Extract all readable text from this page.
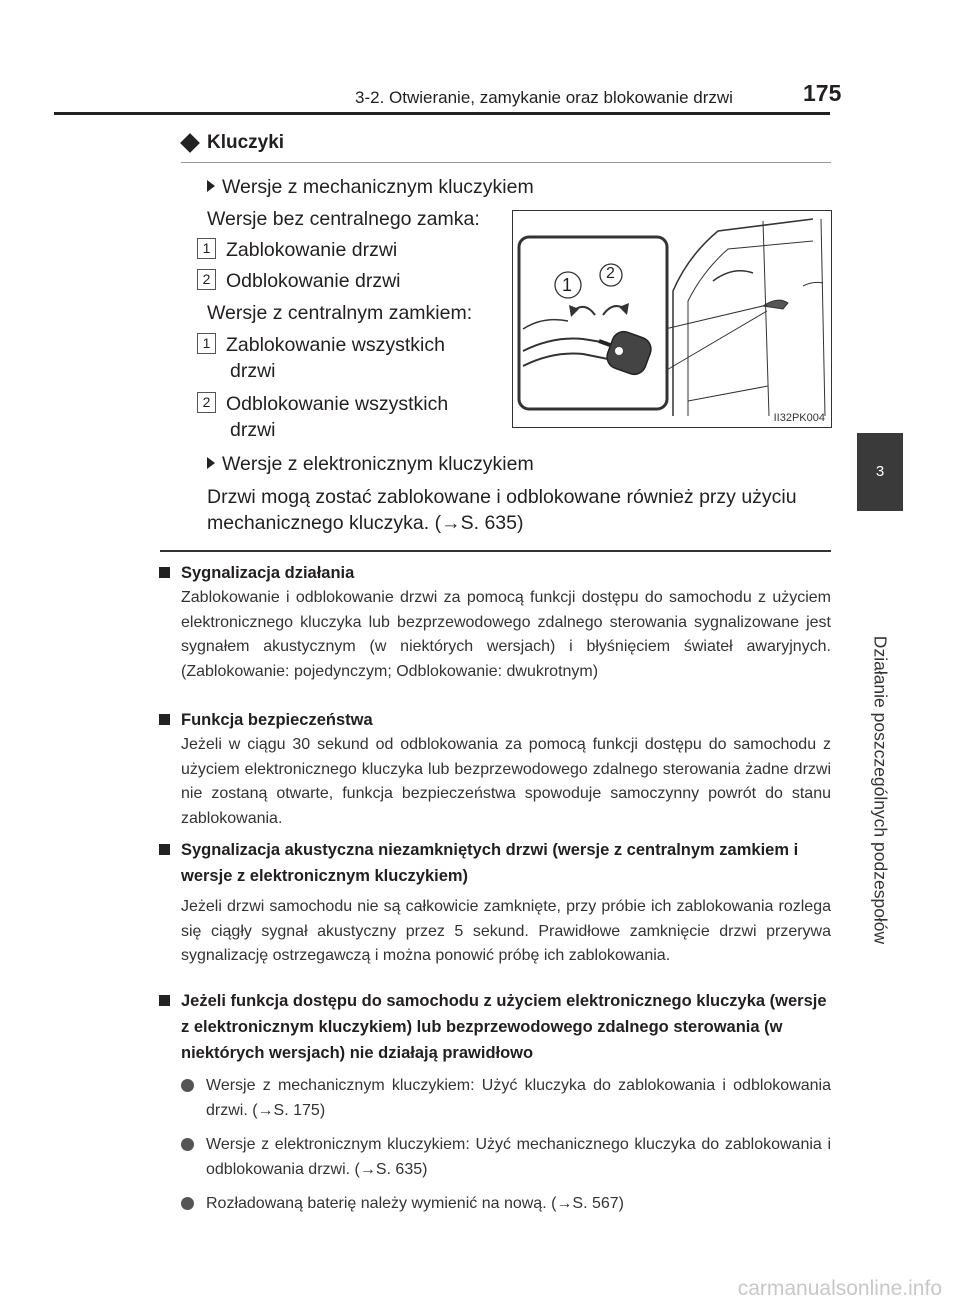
3-2. Otwieranie, zamykanie oraz blokowanie drzwi	175
3
Działanie poszczególnych podzespołów
Kluczyki
Wersje z mechanicznym kluczykiem
Wersje bez centralnego zamka:
1 Zablokowanie drzwi
2 Odblokowanie drzwi
Wersje z centralnym zamkiem:
1 Zablokowanie wszystkich
drzwi
2 Odblokowanie wszystkich
drzwi
1
2
II32PK004
Wersje z elektronicznym kluczykiem
Drzwi mogą zostać zablokowane i odblokowane również przy użyciu
mechanicznego kluczyka. (→S. 635)
Sygnalizacja działania
Zablokowanie i odblokowanie drzwi za pomocą funkcji dostępu do samochodu z użyciem elektronicznego kluczyka lub bezprzewodowego zdalnego sterowania sygnalizowane jest sygnałem akustycznym (w niektórych wersjach) i błyśnięciem świateł awaryjnych. (Zablokowanie: pojedynczym; Odblokowanie: dwukrotnym)
Funkcja bezpieczeństwa
Jeżeli w ciągu 30 sekund od odblokowania za pomocą funkcji dostępu do samochodu z użyciem elektronicznego kluczyka lub bezprzewodowego zdalnego sterowania żadne drzwi nie zostaną otwarte, funkcja bezpieczeństwa spowoduje samoczynny powrót do stanu zablokowania.
Sygnalizacja akustyczna niezamkniętych drzwi (wersje z centralnym zamkiem i wersje z elektronicznym kluczykiem)
Jeżeli drzwi samochodu nie są całkowicie zamknięte, przy próbie ich zablokowania rozlega się ciągły sygnał akustyczny przez 5 sekund. Prawidłowe zamknięcie drzwi przerywa sygnalizację ostrzegawczą i można ponowić próbę ich zablokowania.
Jeżeli funkcja dostępu do samochodu z użyciem elektronicznego kluczyka (wersje z elektronicznym kluczykiem) lub bezprzewodowego zdalnego sterowania (w niektórych wersjach) nie działają prawidłowo
Wersje z mechanicznym kluczykiem: Użyć kluczyka do zablokowania i odblokowania drzwi. (→S. 175)
Wersje z elektronicznym kluczykiem: Użyć mechanicznego kluczyka do zablokowania i odblokowania drzwi. (→S. 635)
Rozładowaną baterię należy wymienić na nową. (→S. 567)
carmanualsonline.info
